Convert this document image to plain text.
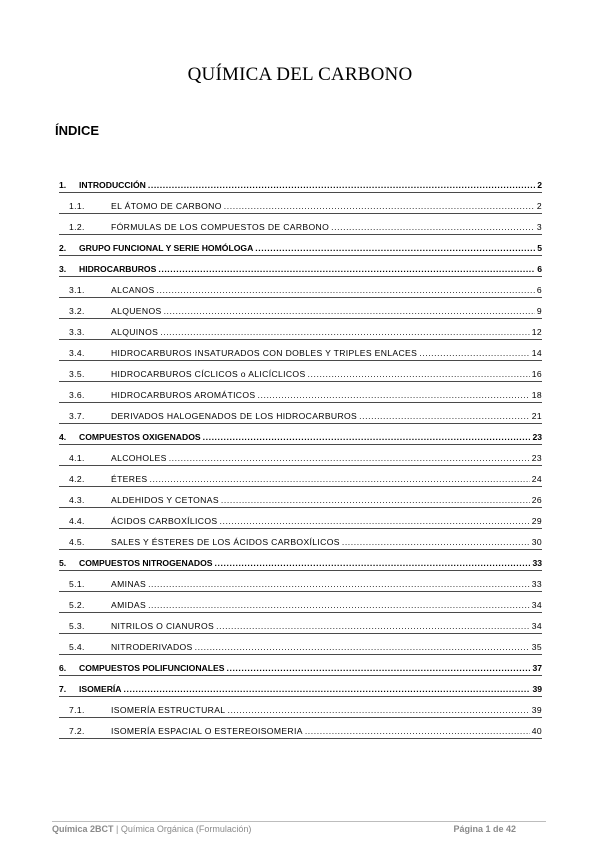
QUÍMICA DEL CARBONO
ÍNDICE
1.	INTRODUCCIÓN .....	2
1.1.	EL ÁTOMO DE CARBONO .....	2
1.2.	FÓRMULAS DE LOS COMPUESTOS DE CARBONO .....	3
2.	GRUPO FUNCIONAL Y SERIE HOMÓLOGA .....	5
3.	HIDROCARBUROS .....	6
3.1.	ALCANOS .....	6
3.2.	ALQUENOS .....	9
3.3.	ALQUINOS .....	12
3.4.	HIDROCARBUROS INSATURADOS CON DOBLES Y TRIPLES ENLACES .....	14
3.5.	HIDROCARBUROS CÍCLICOS o ALICÍCLICOS .....	16
3.6.	HIDROCARBUROS AROMÁTICOS .....	18
3.7.	DERIVADOS HALOGENADOS DE LOS HIDROCARBUROS .....	21
4.	COMPUESTOS OXIGENADOS .....	23
4.1.	ALCOHOLES .....	23
4.2.	ÉTERES .....	24
4.3.	ALDEHIDOS Y CETONAS .....	26
4.4.	ÁCIDOS CARBOXÍLICOS .....	29
4.5.	SALES Y ÉSTERES DE LOS ÁCIDOS CARBOXÍLICOS .....	30
5.	COMPUESTOS NITROGENADOS .....	33
5.1.	AMINAS .....	33
5.2.	AMIDAS .....	34
5.3.	NITRILOS O CIANUROS .....	34
5.4.	NITRODERIVADOS .....	35
6.	COMPUESTOS POLIFUNCIONALES .....	37
7.	ISOMERÍA .....	39
7.1.	ISOMERÍA ESTRUCTURAL .....	39
7.2.	ISOMERÍA ESPACIAL O ESTEREOISOMERIA .....	40
Química 2BCT | Química Orgánica (Formulación)	Página 1 de 42
